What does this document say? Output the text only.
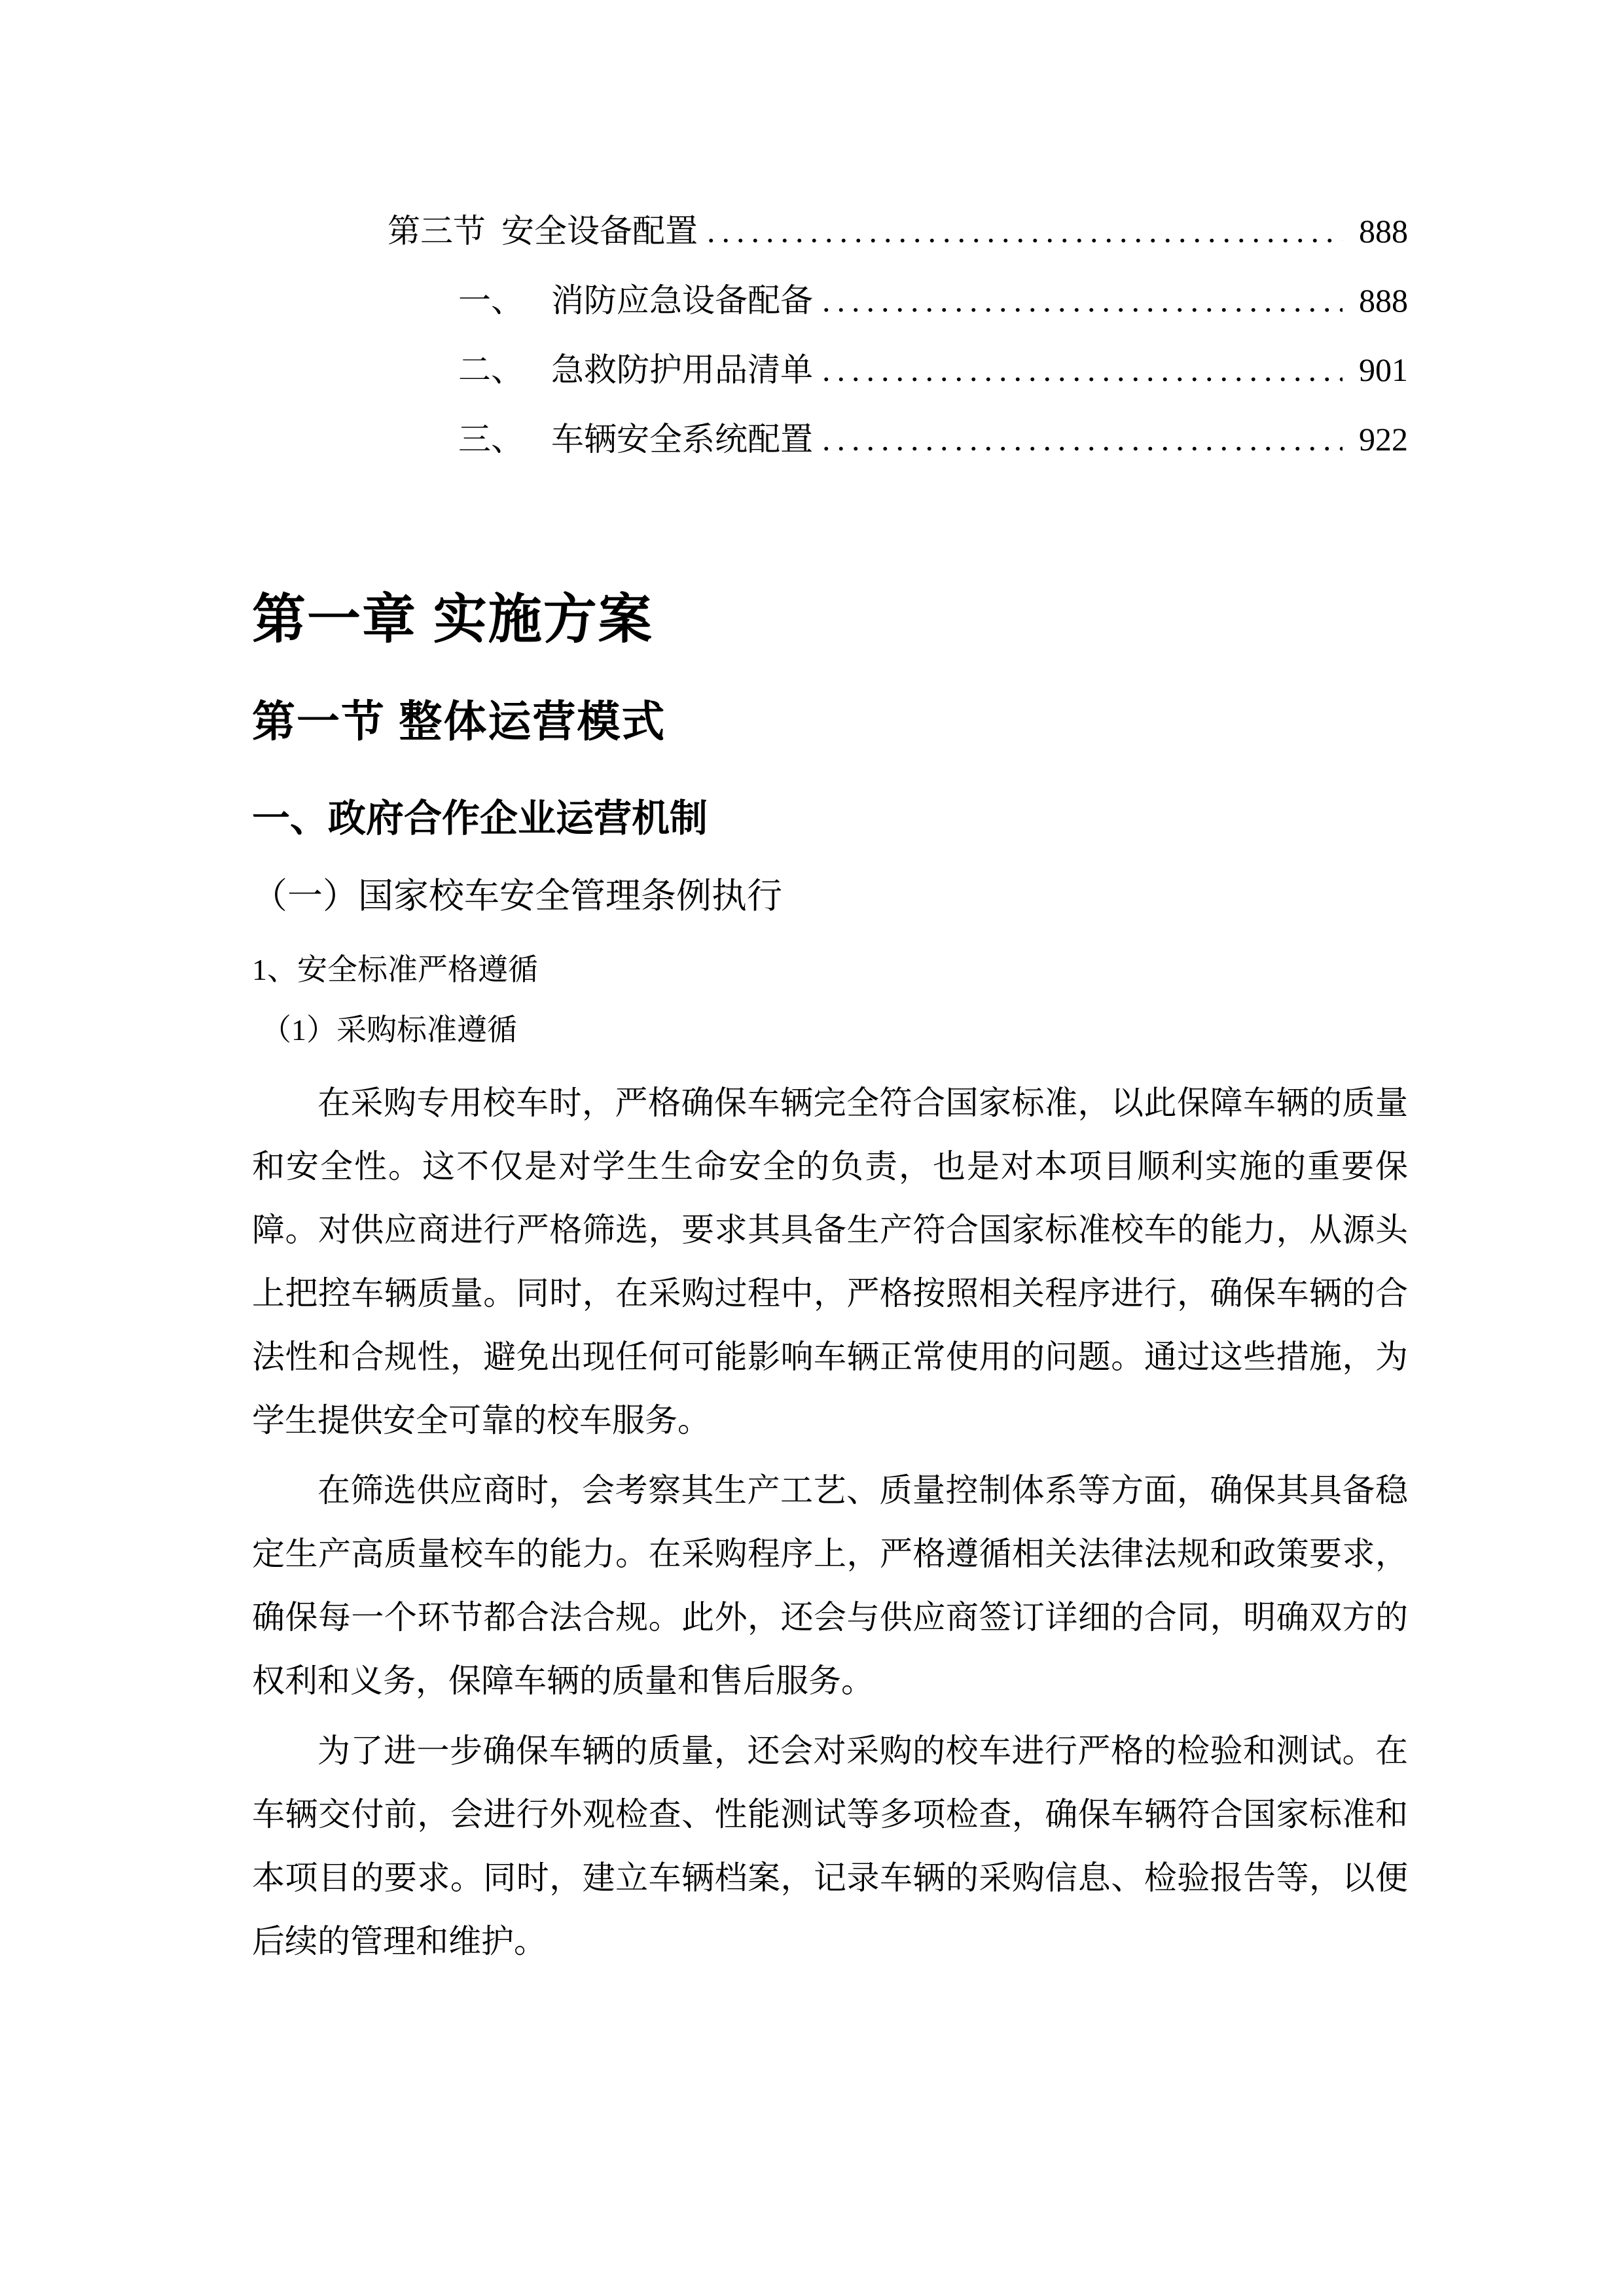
第三节 安全设备配置 .....	888
一、 消防应急设备配备 .....	888
二、 急救防护用品清单 .....	901
三、 车辆安全系统配置 .....	922
第一章 实施方案
第一节 整体运营模式
一、政府合作企业运营机制
（一）国家校车安全管理条例执行
1、安全标准严格遵循
（1）采购标准遵循

在采购专用校车时，严格确保车辆完全符合国家标准，以此保障车辆的质量和安全性。这不仅是对学生生命安全的负责，也是对本项目顺利实施的重要保障。对供应商进行严格筛选，要求其具备生产符合国家标准校车的能力，从源头上把控车辆质量。同时，在采购过程中，严格按照相关程序进行，确保车辆的合法性和合规性，避免出现任何可能影响车辆正常使用的问题。通过这些措施，为学生提供安全可靠的校车服务。

在筛选供应商时，会考察其生产工艺、质量控制体系等方面，确保其具备稳定生产高质量校车的能力。在采购程序上，严格遵循相关法律法规和政策要求，确保每一个环节都合法合规。此外，还会与供应商签订详细的合同，明确双方的权利和义务，保障车辆的质量和售后服务。

为了进一步确保车辆的质量，还会对采购的校车进行严格的检验和测试。在车辆交付前，会进行外观检查、性能测试等多项检查，确保车辆符合国家标准和本项目的要求。同时，建立车辆档案，记录车辆的采购信息、检验报告等，以便后续的管理和维护。
